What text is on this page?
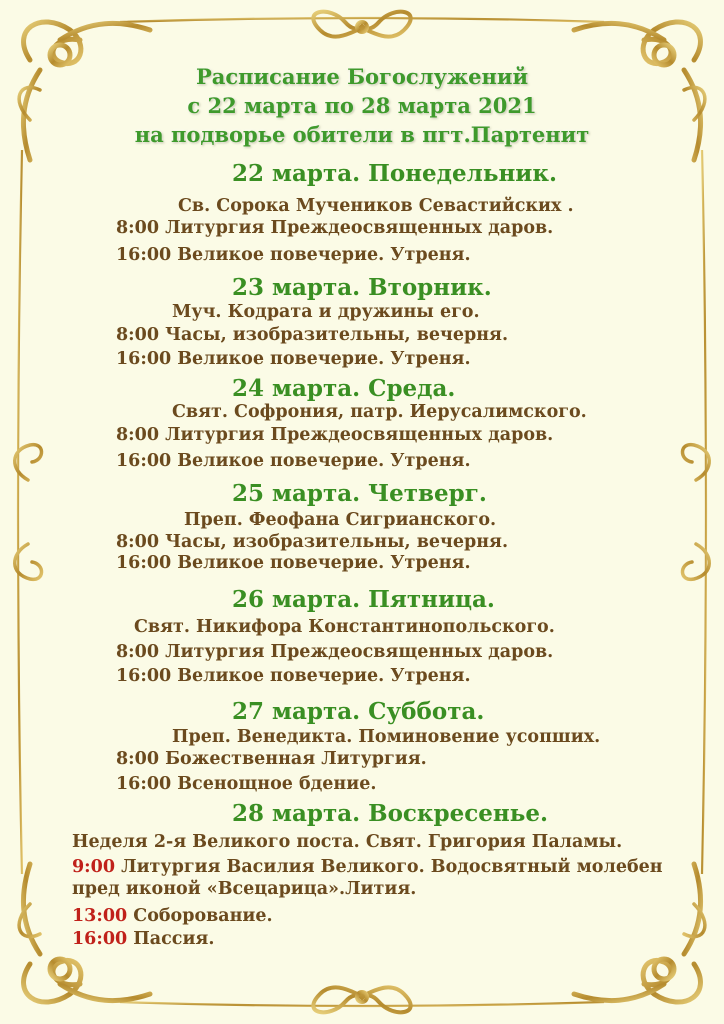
Расписание Богослужений
с 22 марта по 28 марта 2021
на подворье обители в пгт.Партенит
22 марта. Понедельник.
Св. Сорока Мучеников Севастийских .
8:00 Литургия Преждеосвященных даров.
16:00 Великое повечерие. Утреня.
23 марта. Вторник.
Муч. Кодрата и дружины его.
8:00 Часы, изобразительны, вечерня.
16:00 Великое повечерие. Утреня.
24 марта. Среда.
Свят. Софрония, патр. Иерусалимского.
8:00 Литургия Преждеосвященных даров.
16:00 Великое повечерие. Утреня.
25 марта. Четверг.
Преп. Феофана Сигрианского.
8:00 Часы, изобразительны, вечерня.
16:00 Великое повечерие. Утреня.
26 марта. Пятница.
Свят. Никифора Константинопольского.
8:00 Литургия Преждеосвященных даров.
16:00 Великое повечерие. Утреня.
27 марта. Суббота.
Преп. Венедикта. Поминовение усопших.
8:00 Божественная Литургия.
16:00 Всенощное бдение.
28 марта. Воскресенье.
Неделя 2-я Великого поста. Свят. Григория Паламы.
9:00 Литургия Василия Великого. Водосвятный молебен
пред иконой «Всецарица».Лития.
13:00 Соборование.
16:00 Пассия.
